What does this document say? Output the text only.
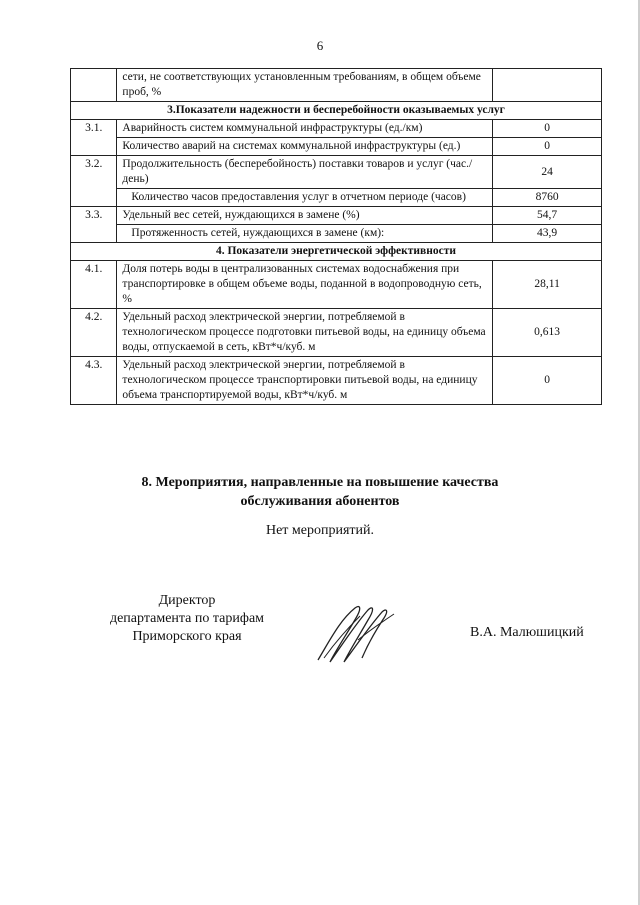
6
	сети, не соответствующих установленным требованиям, в общем объеме проб, %	
3.Показатели надежности и бесперебойности оказываемых услуг		
3.1.	Аварийность систем коммунальной инфраструктуры (ед./км)	0
	Количество аварий на системах коммунальной инфраструктуры (ед.)	0
3.2.	Продолжительность (бесперебойность) поставки товаров и услуг (час./день)	24
	Количество часов предоставления услуг в отчетном периоде (часов)	8760
3.3.	Удельный вес сетей, нуждающихся в замене (%)	54,7
	Протяженность сетей, нуждающихся в замене (км):	43,9
4. Показатели энергетической эффективности		
4.1.	Доля потерь воды в централизованных системах водоснабжения при транспортировке в общем объеме воды, поданной в водопроводную сеть, %	28,11
4.2.	Удельный расход электрической энергии, потребляемой в технологическом процессе подготовки питьевой воды, на единицу объема воды, отпускаемой в сеть, кВт*ч/куб. м	0,613
4.3.	Удельный расход электрической энергии, потребляемой в технологическом процессе транспортировки питьевой воды, на единицу объема транспортируемой воды, кВт*ч/куб. м	0
8. Мероприятия, направленные на повышение качества
обслуживания абонентов
Нет мероприятий.
Директор
департамента по тарифам
Приморского края	В.А. Малюшицкий
